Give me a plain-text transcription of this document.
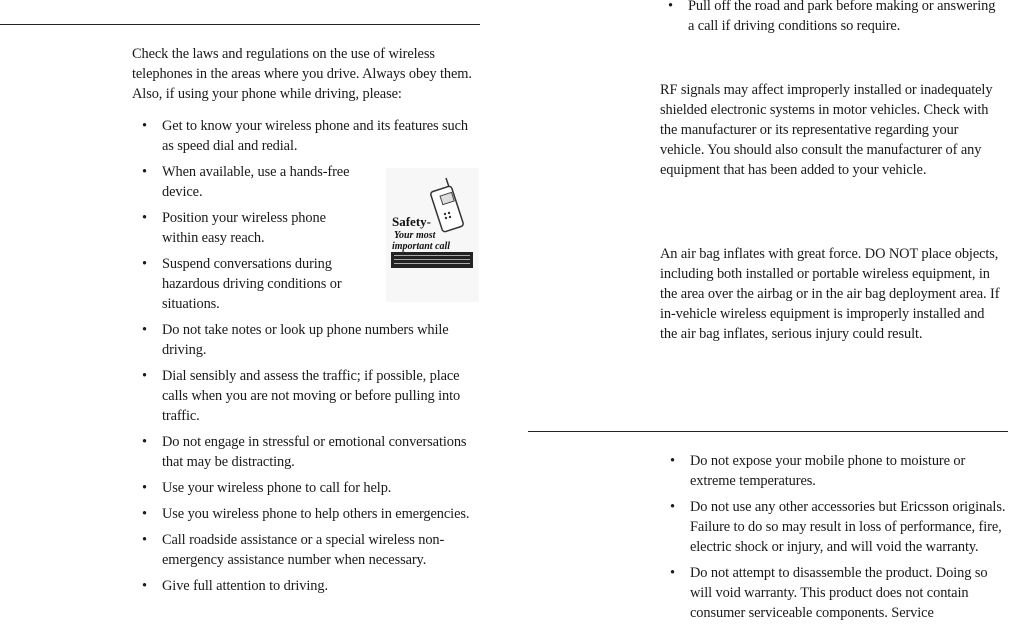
Check the laws and regulations on the use of wireless telephones in the areas where you drive. Always obey them. Also, if using your phone while driving, please:

• Get to know your wireless phone and its features such as speed dial and redial.
• When available, use a hands-free device.
• Position your wireless phone within easy reach.
• Suspend conversations during hazardous driving conditions or situations.
• Do not take notes or look up phone numbers while driving.
• Dial sensibly and assess the traffic; if possible, place calls when you are not moving or before pulling into traffic.
• Do not engage in stressful or emotional conversations that may be distracting.
• Use your wireless phone to call for help.
• Use you wireless phone to help others in emergencies.
• Call roadside assistance or a special wireless non-emergency assistance number when necessary.
• Give full attention to driving.
Safety-
Your most
important call
• Pull off the road and park before making or answering a call if driving conditions so require.

RF signals may affect improperly installed or inadequately shielded electronic systems in motor vehicles. Check with the manufacturer or its representative regarding your vehicle. You should also consult the manufacturer of any equipment that has been added to your vehicle.

An air bag inflates with great force. DO NOT place objects, including both installed or portable wireless equipment, in the area over the airbag or in the air bag deployment area. If in-vehicle wireless equipment is improperly installed and the air bag inflates, serious injury could result.

• Do not expose your mobile phone to moisture or extreme temperatures.
• Do not use any other accessories but Ericsson originals. Failure to do so may result in loss of performance, fire, electric shock or injury, and will void the warranty.
• Do not attempt to disassemble the product. Doing so will void warranty. This product does not contain consumer serviceable components. Service
